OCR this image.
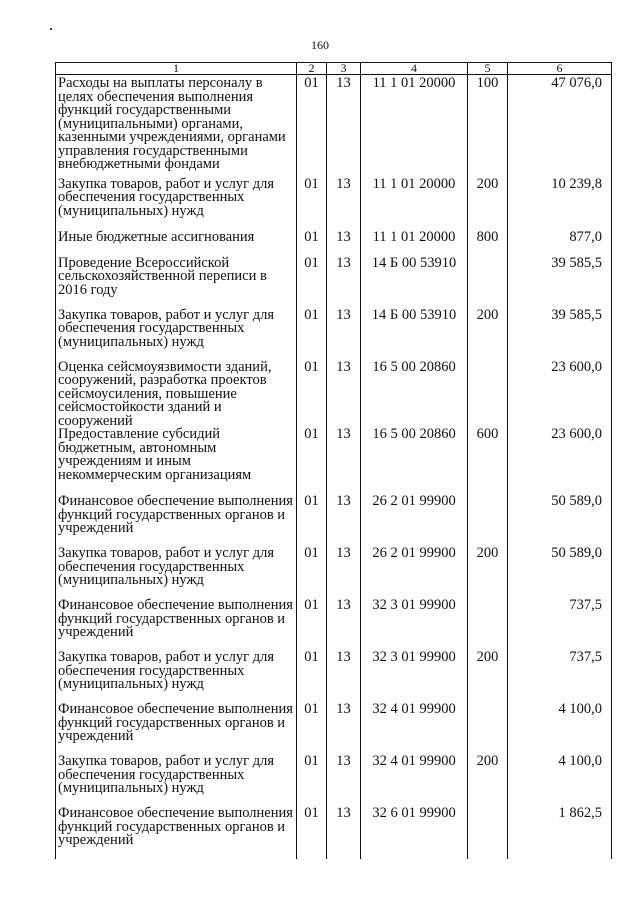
160
1	2	3	4	5	6
Расходы на выплаты персоналу в целях обеспечения выполнения функций государственными (муниципальными) органами, казенными учреждениями, органами управления государственными внебюджетными фондами	01	13	11 1 01 20000	100	47 076,0
Закупка товаров, работ и услуг для обеспечения государственных (муниципальных) нужд	01	13	11 1 01 20000	200	10 239,8
Иные бюджетные ассигнования	01	13	11 1 01 20000	800	877,0
Проведение Всероссийской сельскохозяйственной переписи в 2016 году	01	13	14 Б 00 53910		39 585,5
Закупка товаров, работ и услуг для обеспечения государственных (муниципальных) нужд	01	13	14 Б 00 53910	200	39 585,5
Оценка сейсмоуязвимости зданий, сооружений, разработка проектов сейсмоусиления, повышение сейсмостойкости зданий и сооружений	01	13	16 5 00 20860		23 600,0
Предоставление субсидий бюджетным, автономным учреждениям и иным некоммерческим организациям	01	13	16 5 00 20860	600	23 600,0
Финансовое обеспечение выполнения функций государственных органов и учреждений	01	13	26 2 01 99900		50 589,0
Закупка товаров, работ и услуг для обеспечения государственных (муниципальных) нужд	01	13	26 2 01 99900	200	50 589,0
Финансовое обеспечение выполнения функций государственных органов и учреждений	01	13	32 3 01 99900		737,5
Закупка товаров, работ и услуг для обеспечения государственных (муниципальных) нужд	01	13	32 3 01 99900	200	737,5
Финансовое обеспечение выполнения функций государственных органов и учреждений	01	13	32 4 01 99900		4 100,0
Закупка товаров, работ и услуг для обеспечения государственных (муниципальных) нужд	01	13	32 4 01 99900	200	4 100,0
Финансовое обеспечение выполнения функций государственных органов и учреждений	01	13	32 6 01 99900		1 862,5
